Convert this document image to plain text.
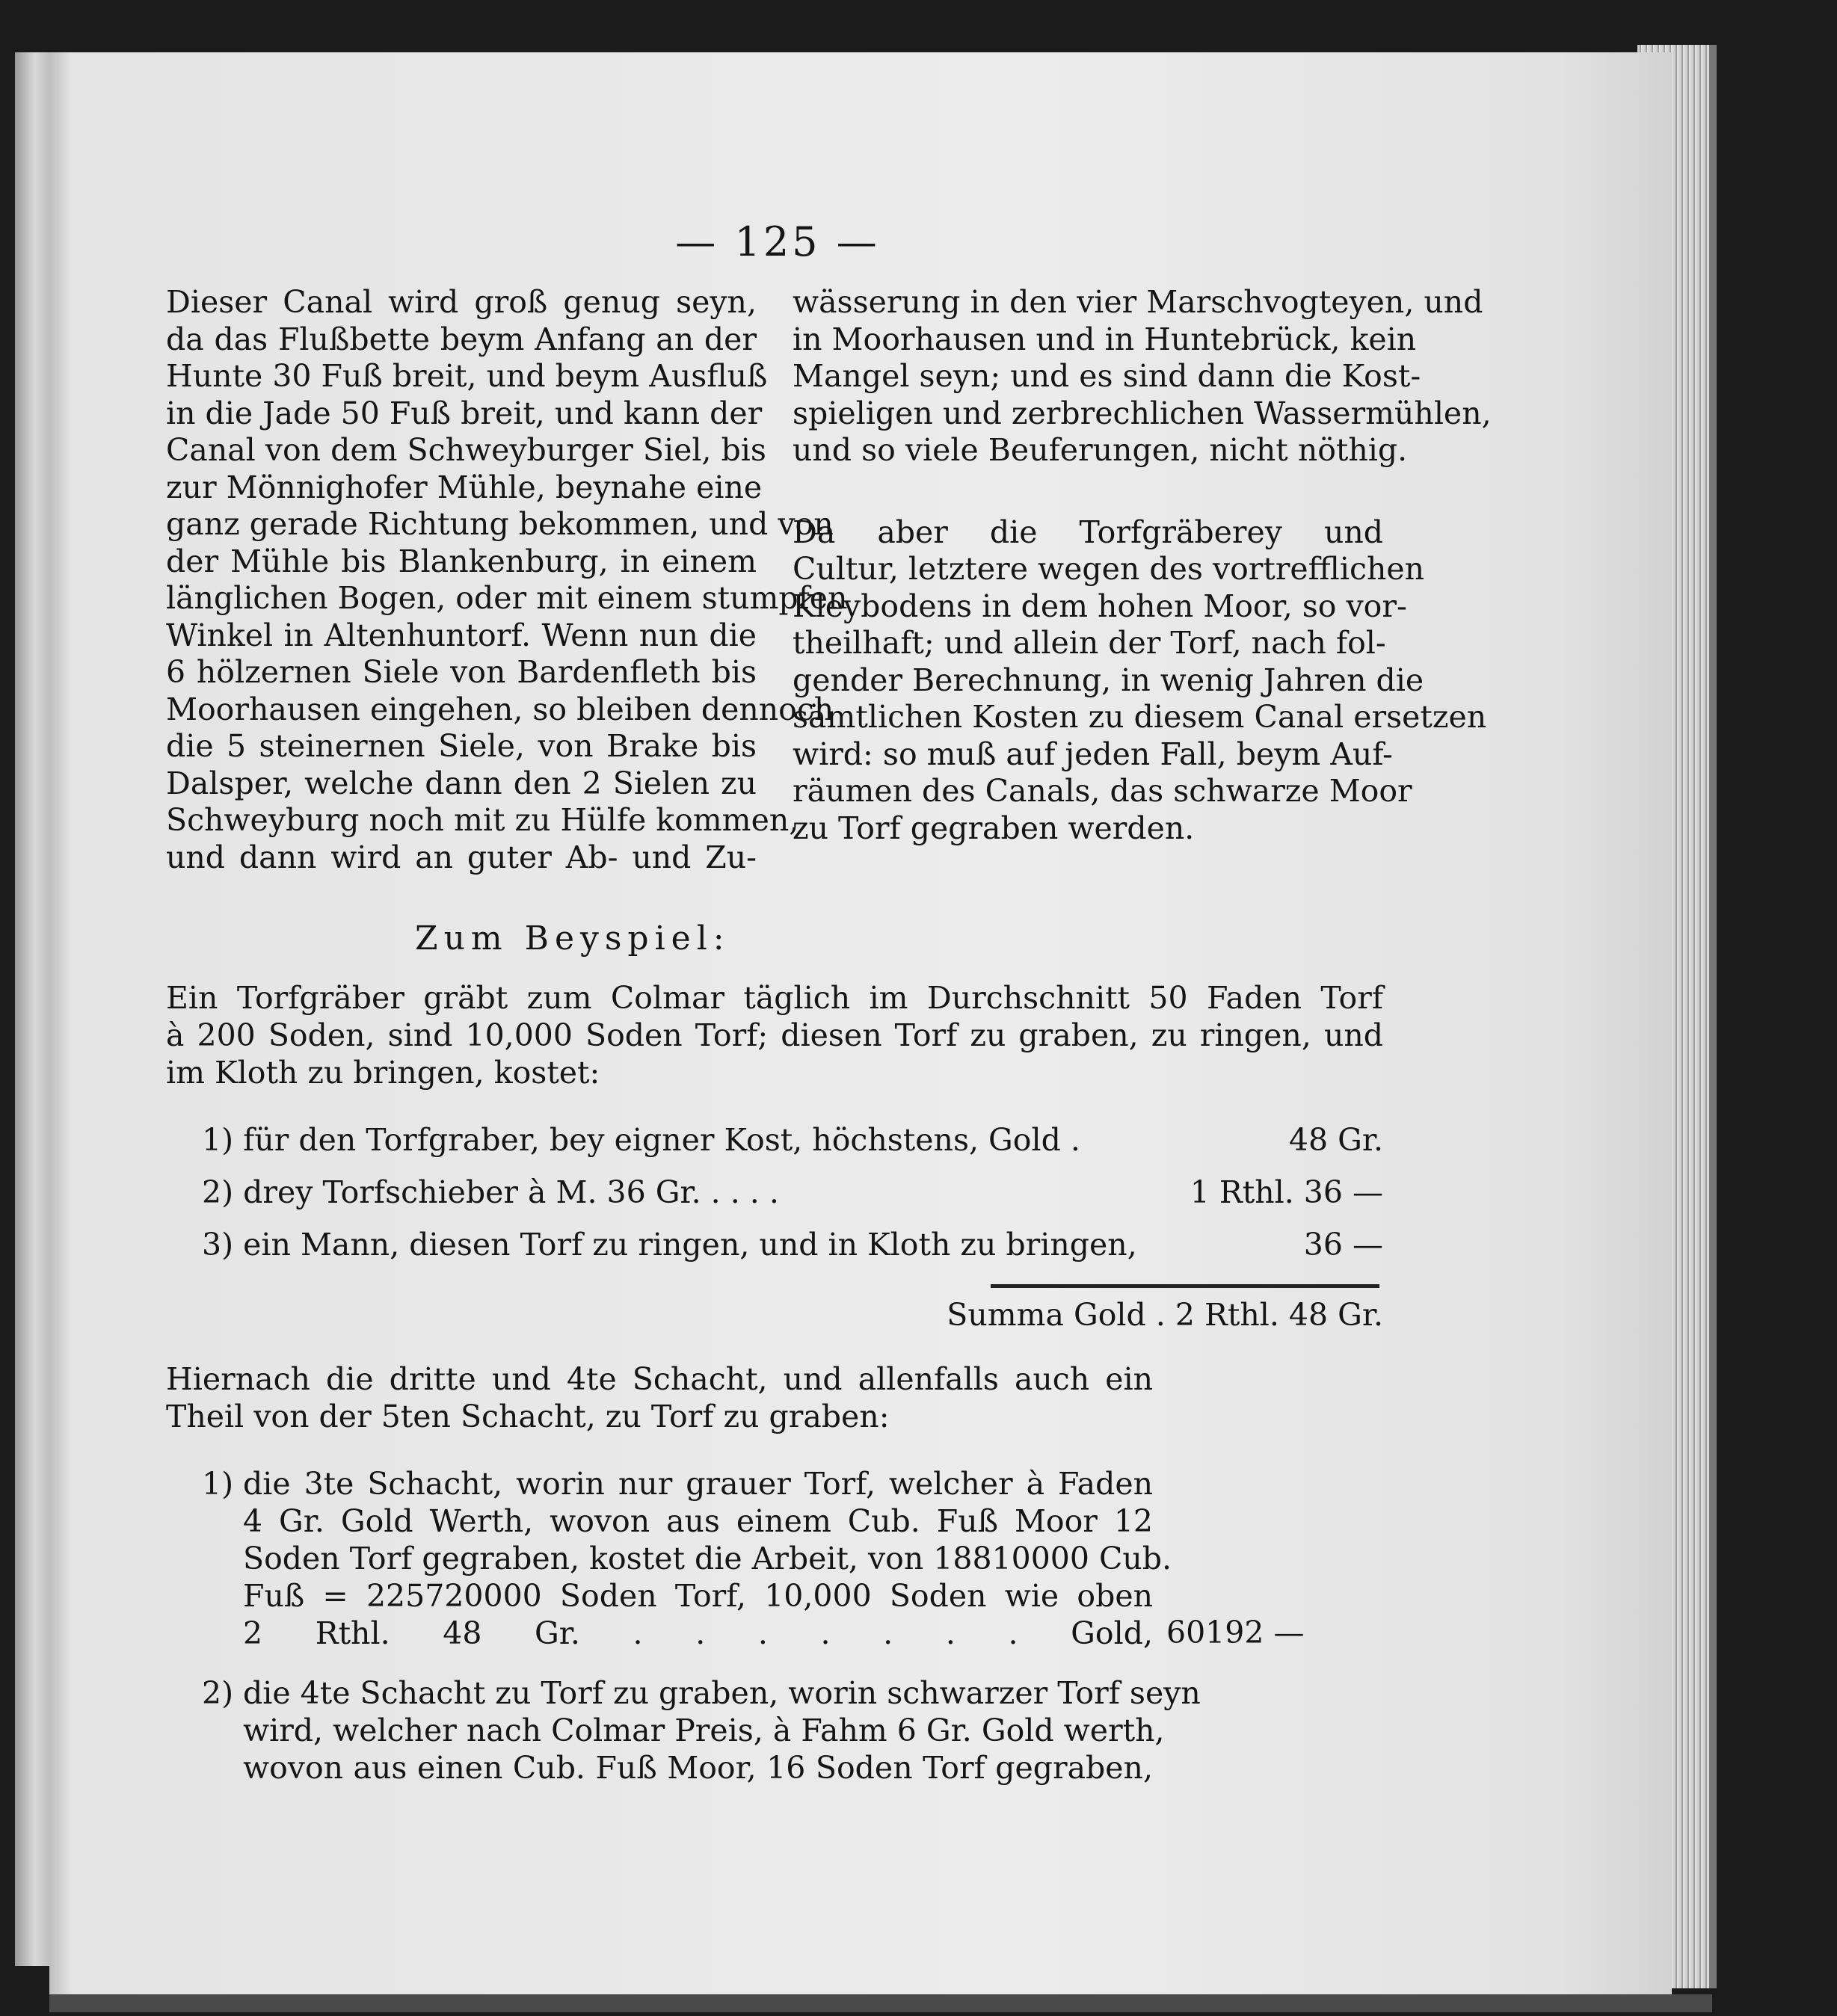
— 125 —
Dieser Canal wird groß genug seyn,
da das Flußbette beym Anfang an der
Hunte 30 Fuß breit, und beym Ausfluß
in die Jade 50 Fuß breit, und kann der
Canal von dem Schweyburger Siel, bis
zur Mönnighofer Mühle, beynahe eine
ganz gerade Richtung bekommen, und von
der Mühle bis Blankenburg, in einem
länglichen Bogen, oder mit einem stumpfen
Winkel in Altenhuntorf. Wenn nun die
6 hölzernen Siele von Bardenfleth bis
Moorhausen eingehen, so bleiben dennoch
die 5 steinernen Siele, von Brake bis
Dalsper, welche dann den 2 Sielen zu
Schweyburg noch mit zu Hülfe kommen,
und dann wird an guter Ab- und Zu-
wässerung in den vier Marschvogteyen, und
in Moorhausen und in Huntebrück, kein
Mangel seyn; und es sind dann die Kost-
spieligen und zerbrechlichen Wassermühlen,
und so viele Beuferungen, nicht nöthig.
Da aber die Torfgräberey und
Cultur, letztere wegen des vortrefflichen
Kleybodens in dem hohen Moor, so vor-
theilhaft; und allein der Torf, nach fol-
gender Berechnung, in wenig Jahren die
sämtlichen Kosten zu diesem Canal ersetzen
wird: so muß auf jeden Fall, beym Auf-
räumen des Canals, das schwarze Moor
zu Torf gegraben werden.
Zum Beyspiel:
Ein Torfgräber gräbt zum Colmar täglich im Durchschnitt 50 Faden Torf
à 200 Soden, sind 10,000 Soden Torf; diesen Torf zu graben, zu ringen, und
im Kloth zu bringen, kostet:
1) für den Torfgraber, bey eigner Kost, höchstens, Gold .	48 Gr.
2) drey Torfschieber à M. 36 Gr. . . . .	1 Rthl. 36 —
3) ein Mann, diesen Torf zu ringen, und in Kloth zu bringen,	36 —
Summa Gold . 2 Rthl. 48 Gr.
Hiernach die dritte und 4te Schacht, und allenfalls auch ein
Theil von der 5ten Schacht, zu Torf zu graben:
1) die 3te Schacht, worin nur grauer Torf, welcher à Faden
4 Gr. Gold Werth, wovon aus einem Cub. Fuß Moor 12
Soden Torf gegraben, kostet die Arbeit, von 18810000 Cub.
Fuß = 225720000 Soden Torf, 10,000 Soden wie oben
2 Rthl. 48 Gr. . . . . . . . Gold, 60192 —
2) die 4te Schacht zu Torf zu graben, worin schwarzer Torf seyn
wird, welcher nach Colmar Preis, à Fahm 6 Gr. Gold werth,
wovon aus einen Cub. Fuß Moor, 16 Soden Torf gegraben,
